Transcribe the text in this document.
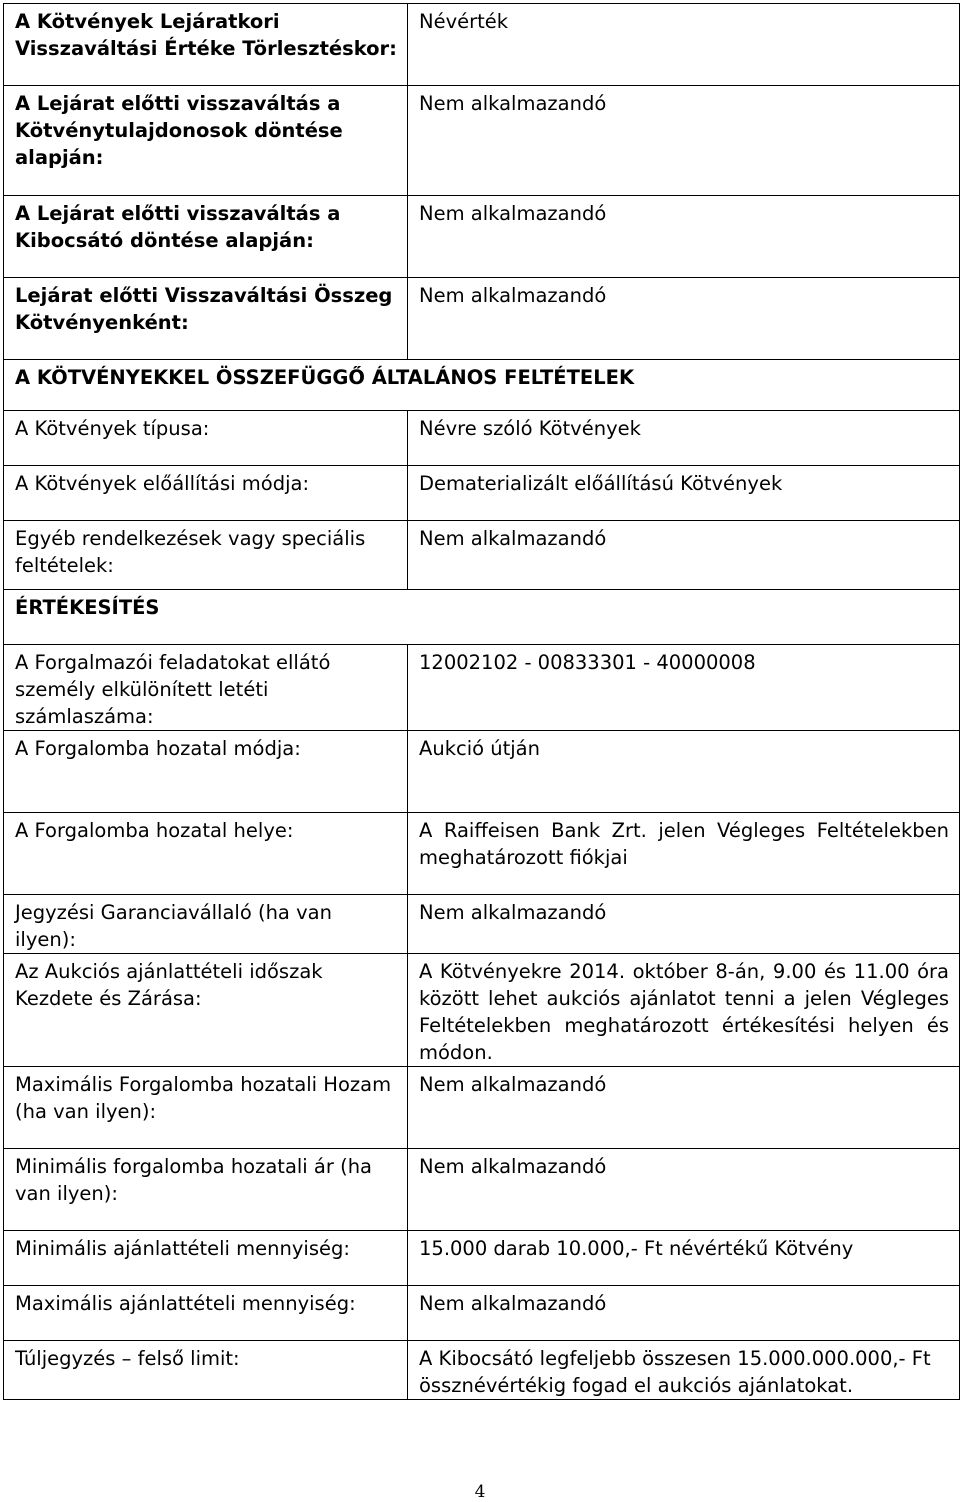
A Kötvények Lejáratkori Visszaváltási Értéke Törlesztéskor:	Névérték
A Lejárat előtti visszaváltás a Kötvénytulajdonosok döntése alapján:	Nem alkalmazandó
A Lejárat előtti visszaváltás a Kibocsátó döntése alapján:	Nem alkalmazandó
Lejárat előtti Visszaváltási Összeg Kötvényenként:	Nem alkalmazandó
A KÖTVÉNYEKKEL ÖSSZEFÜGGŐ ÁLTALÁNOS FELTÉTELEK	
A Kötvények típusa:	Névre szóló Kötvények
A Kötvények előállítási módja:	Dematerializált előállítású Kötvények
Egyéb rendelkezések vagy speciális feltételek:	Nem alkalmazandó
ÉRTÉKESÍTÉS	
A Forgalmazói feladatokat ellátó személy elkülönített letéti számlaszáma:	12002102 - 00833301 - 40000008
A Forgalomba hozatal módja:	Aukció útján
A Forgalomba hozatal helye:	A Raiffeisen Bank Zrt. jelen Végleges Feltételekben meghatározott fiókjai
Jegyzési Garanciavállaló (ha van ilyen):	Nem alkalmazandó
Az Aukciós ajánlattételi időszak Kezdete és Zárása:	A Kötvényekre 2014. október 8-án, 9.00 és 11.00 óra között lehet aukciós ajánlatot tenni a jelen Végleges Feltételekben meghatározott értékesítési helyen és módon.
Maximális Forgalomba hozatali Hozam (ha van ilyen):	Nem alkalmazandó
Minimális forgalomba hozatali ár (ha van ilyen):	Nem alkalmazandó
Minimális ajánlattételi mennyiség:	15.000 darab 10.000,- Ft névértékű Kötvény
Maximális ajánlattételi mennyiség:	Nem alkalmazandó
Túljegyzés – felső limit:	A Kibocsátó legfeljebb összesen 15.000.000.000,- Ft össznévértékig fogad el aukciós ajánlatokat.
4
